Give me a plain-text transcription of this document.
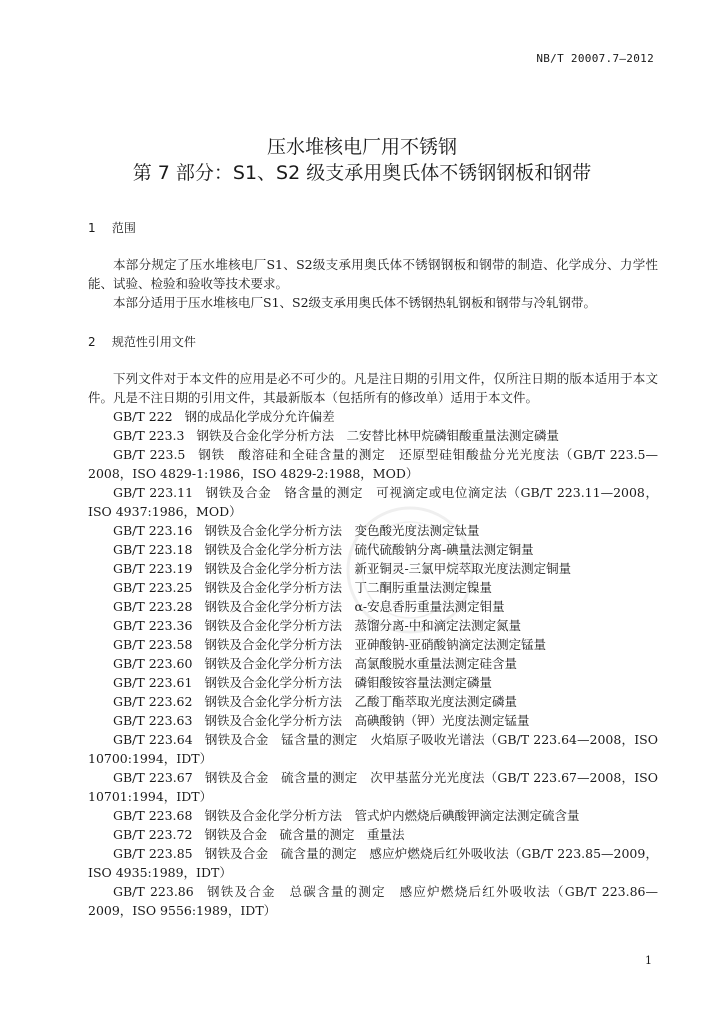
NB/T 20007.7—2012
压水堆核电厂用不锈钢
第 7 部分：S1、S2 级支承用奥氏体不锈钢钢板和钢带
1 范围

本部分规定了压水堆核电厂S1、S2级支承用奥氏体不锈钢钢板和钢带的制造、化学成分、力学性能、试验、检验和验收等技术要求。

本部分适用于压水堆核电厂S1、S2级支承用奥氏体不锈钢热轧钢板和钢带与冷轧钢带。

2 规范性引用文件

下列文件对于本文件的应用是必不可少的。凡是注日期的引用文件，仅所注日期的版本适用于本文件。凡是不注日期的引用文件，其最新版本（包括所有的修改单）适用于本文件。

GB/T 222 钢的成品化学成分允许偏差

GB/T 223.3 钢铁及合金化学分析方法　二安替比林甲烷磷钼酸重量法测定磷量

GB/T 223.5 钢铁　酸溶硅和全硅含量的测定　还原型硅钼酸盐分光光度法（GB/T 223.5—2008，ISO 4829-1:1986，ISO 4829-2:1988，MOD）

GB/T 223.11 钢铁及合金　铬含量的测定　可视滴定或电位滴定法（GB/T 223.11—2008，ISO 4937:1986，MOD）

GB/T 223.16 钢铁及合金化学分析方法　变色酸光度法测定钛量

GB/T 223.18 钢铁及合金化学分析方法　硫代硫酸钠分离-碘量法测定铜量

GB/T 223.19 钢铁及合金化学分析方法　新亚铜灵-三氯甲烷萃取光度法测定铜量

GB/T 223.25 钢铁及合金化学分析方法　丁二酮肟重量法测定镍量

GB/T 223.28 钢铁及合金化学分析方法　α-安息香肟重量法测定钼量

GB/T 223.36 钢铁及合金化学分析方法　蒸馏分离-中和滴定法测定氮量

GB/T 223.58 钢铁及合金化学分析方法　亚砷酸钠-亚硝酸钠滴定法测定锰量

GB/T 223.60 钢铁及合金化学分析方法　高氯酸脱水重量法测定硅含量

GB/T 223.61 钢铁及合金化学分析方法　磷钼酸铵容量法测定磷量

GB/T 223.62 钢铁及合金化学分析方法　乙酸丁酯萃取光度法测定磷量

GB/T 223.63 钢铁及合金化学分析方法　高碘酸钠（钾）光度法测定锰量

GB/T 223.64 钢铁及合金　锰含量的测定　火焰原子吸收光谱法（GB/T 223.64—2008，ISO 10700:1994，IDT）

GB/T 223.67 钢铁及合金　硫含量的测定　次甲基蓝分光光度法（GB/T 223.67—2008，ISO 10701:1994，IDT）

GB/T 223.68 钢铁及合金化学分析方法　管式炉内燃烧后碘酸钾滴定法测定硫含量

GB/T 223.72 钢铁及合金　硫含量的测定　重量法

GB/T 223.85 钢铁及合金　硫含量的测定　感应炉燃烧后红外吸收法（GB/T 223.85—2009，ISO 4935:1989，IDT）

GB/T 223.86 钢铁及合金　总碳含量的测定　感应炉燃烧后红外吸收法（GB/T 223.86—2009，ISO 9556:1989，IDT）

1
